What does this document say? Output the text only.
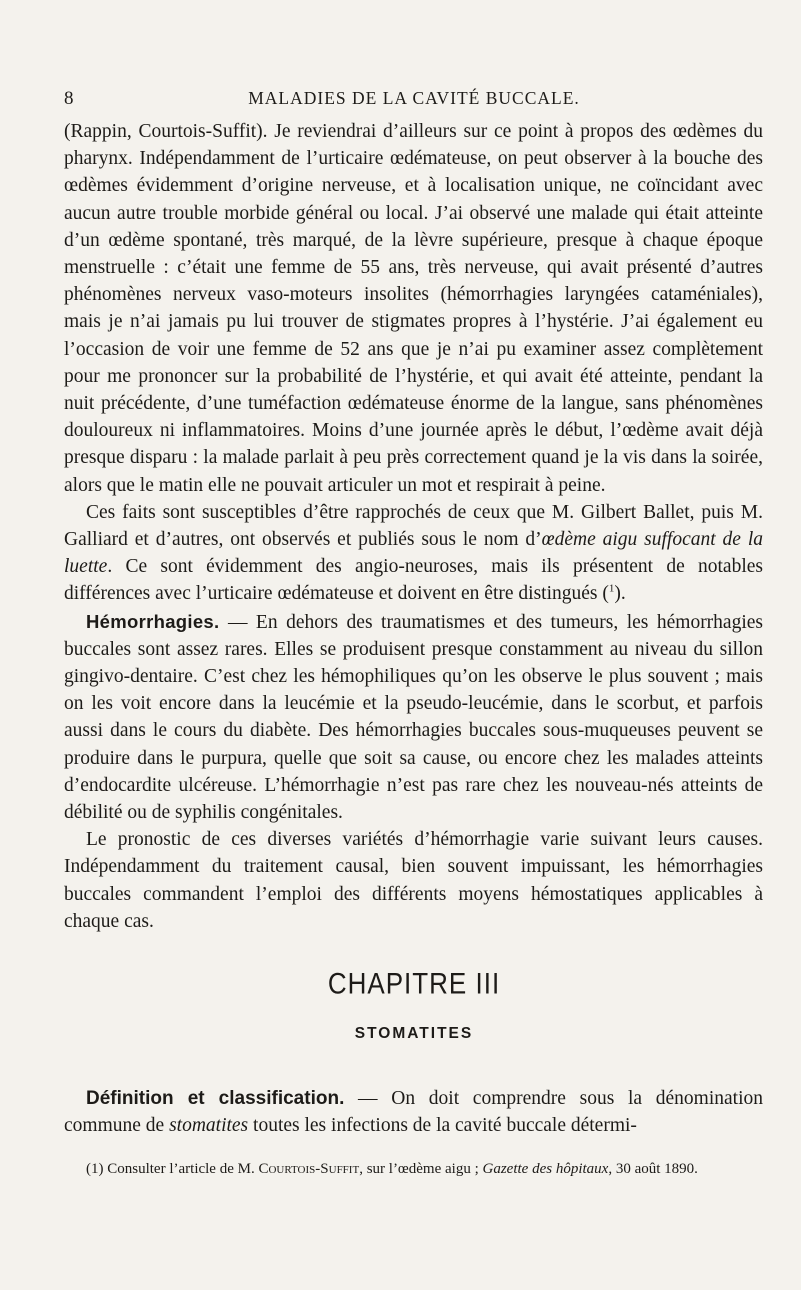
8	MALADIES DE LA CAVITÉ BUCCALE.

(Rappin, Courtois-Suffit). Je reviendrai d’ailleurs sur ce point à propos des œdèmes du pharynx. Indépendamment de l’urticaire œdémateuse, on peut observer à la bouche des œdèmes évidemment d’origine nerveuse, et à localisation unique, ne coïncidant avec aucun autre trouble morbide général ou local. J’ai observé une malade qui était atteinte d’un œdème spontané, très marqué, de la lèvre supérieure, presque à chaque époque menstruelle : c’était une femme de 55 ans, très nerveuse, qui avait présenté d’autres phénomènes nerveux vaso-moteurs insolites (hémorrhagies laryngées cataméniales), mais je n’ai jamais pu lui trouver de stigmates propres à l’hystérie. J’ai également eu l’occasion de voir une femme de 52 ans que je n’ai pu examiner assez complètement pour me prononcer sur la probabilité de l’hystérie, et qui avait été atteinte, pendant la nuit précédente, d’une tuméfaction œdémateuse énorme de la langue, sans phénomènes douloureux ni inflammatoires. Moins d’une journée après le début, l’œdème avait déjà presque disparu : la malade parlait à peu près correctement quand je la vis dans la soirée, alors que le matin elle ne pouvait articuler un mot et respirait à peine.

Ces faits sont susceptibles d’être rapprochés de ceux que M. Gilbert Ballet, puis M. Galliard et d’autres, ont observés et publiés sous le nom d’œdème aigu suffocant de la luette. Ce sont évidemment des angio-neuroses, mais ils présentent de notables différences avec l’urticaire œdémateuse et doivent en être distingués ($^1$).

Hémorrhagies. — En dehors des traumatismes et des tumeurs, les hémorrhagies buccales sont assez rares. Elles se produisent presque constamment au niveau du sillon gingivo-dentaire. C’est chez les hémophiliques qu’on les observe le plus souvent ; mais on les voit encore dans la leucémie et la pseudo-leucémie, dans le scorbut, et parfois aussi dans le cours du diabète. Des hémorrhagies buccales sous-muqueuses peuvent se produire dans le purpura, quelle que soit sa cause, ou encore chez les malades atteints d’endocardite ulcéreuse. L’hémorrhagie n’est pas rare chez les nouveau-nés atteints de débilité ou de syphilis congénitales.

Le pronostic de ces diverses variétés d’hémorrhagie varie suivant leurs causes. Indépendamment du traitement causal, bien souvent impuissant, les hémorrhagies buccales commandent l’emploi des différents moyens hémostatiques applicables à chaque cas.

CHAPITRE III
STOMATITES
Définition et classification. — On doit comprendre sous la dénomination commune de stomatites toutes les infections de la cavité buccale détermi-
(1) Consulter l’article de M. Courtois-Suffit, sur l’œdème aigu ; Gazette des hôpitaux, 30 août 1890.
